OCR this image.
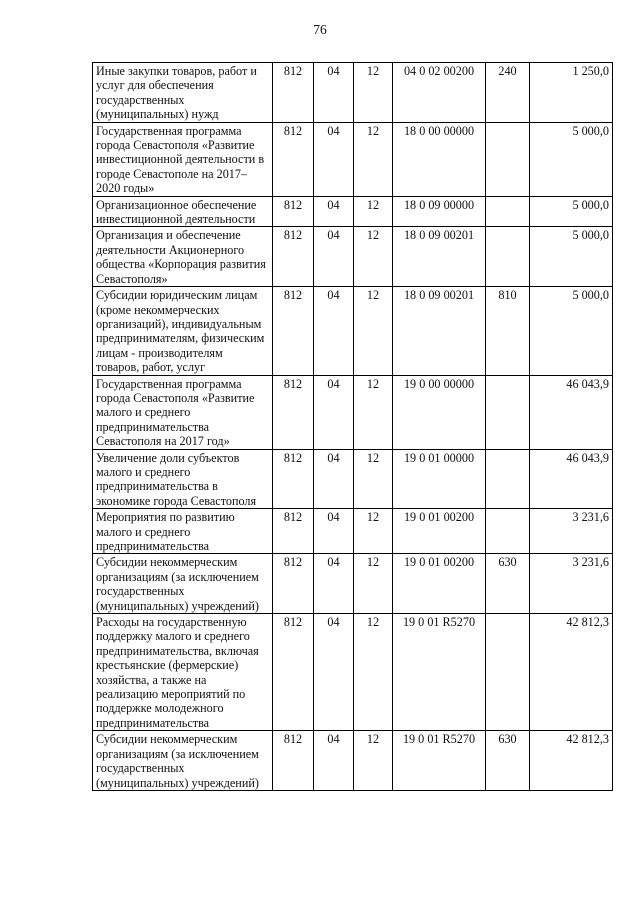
76
Иные закупки товаров, работ и услуг для обеспечения государственных (муниципальных) нужд	812	04	12	04 0 02 00200	240	1 250,0
Государственная программа города Севастополя «Развитие инвестиционной деятельности в городе Севастополе на 2017–2020 годы»	812	04	12	18 0 00 00000		5 000,0
Организационное обеспечение инвестиционной деятельности	812	04	12	18 0 09 00000		5 000,0
Организация и обеспечение деятельности Акционерного общества «Корпорация развития Севастополя»	812	04	12	18 0 09 00201		5 000,0
Субсидии юридическим лицам (кроме некоммерческих организаций), индивидуальным предпринимателям, физическим лицам - производителям товаров, работ, услуг	812	04	12	18 0 09 00201	810	5 000,0
Государственная программа города Севастополя «Развитие малого и среднего предпринимательства Севастополя на 2017 год»	812	04	12	19 0 00 00000		46 043,9
Увеличение доли субъектов малого и среднего предпринимательства в экономике города Севастополя	812	04	12	19 0 01 00000		46 043,9
Мероприятия по развитию малого и среднего предпринимательства	812	04	12	19 0 01 00200		3 231,6
Субсидии некоммерческим организациям (за исключением государственных (муниципальных) учреждений)	812	04	12	19 0 01 00200	630	3 231,6
Расходы на государственную поддержку малого и среднего предпринимательства, включая крестьянские (фермерские) хозяйства, а также на реализацию мероприятий по поддержке молодежного предпринимательства	812	04	12	19 0 01 R5270		42 812,3
Субсидии некоммерческим организациям (за исключением государственных (муниципальных) учреждений)	812	04	12	19 0 01 R5270	630	42 812,3
